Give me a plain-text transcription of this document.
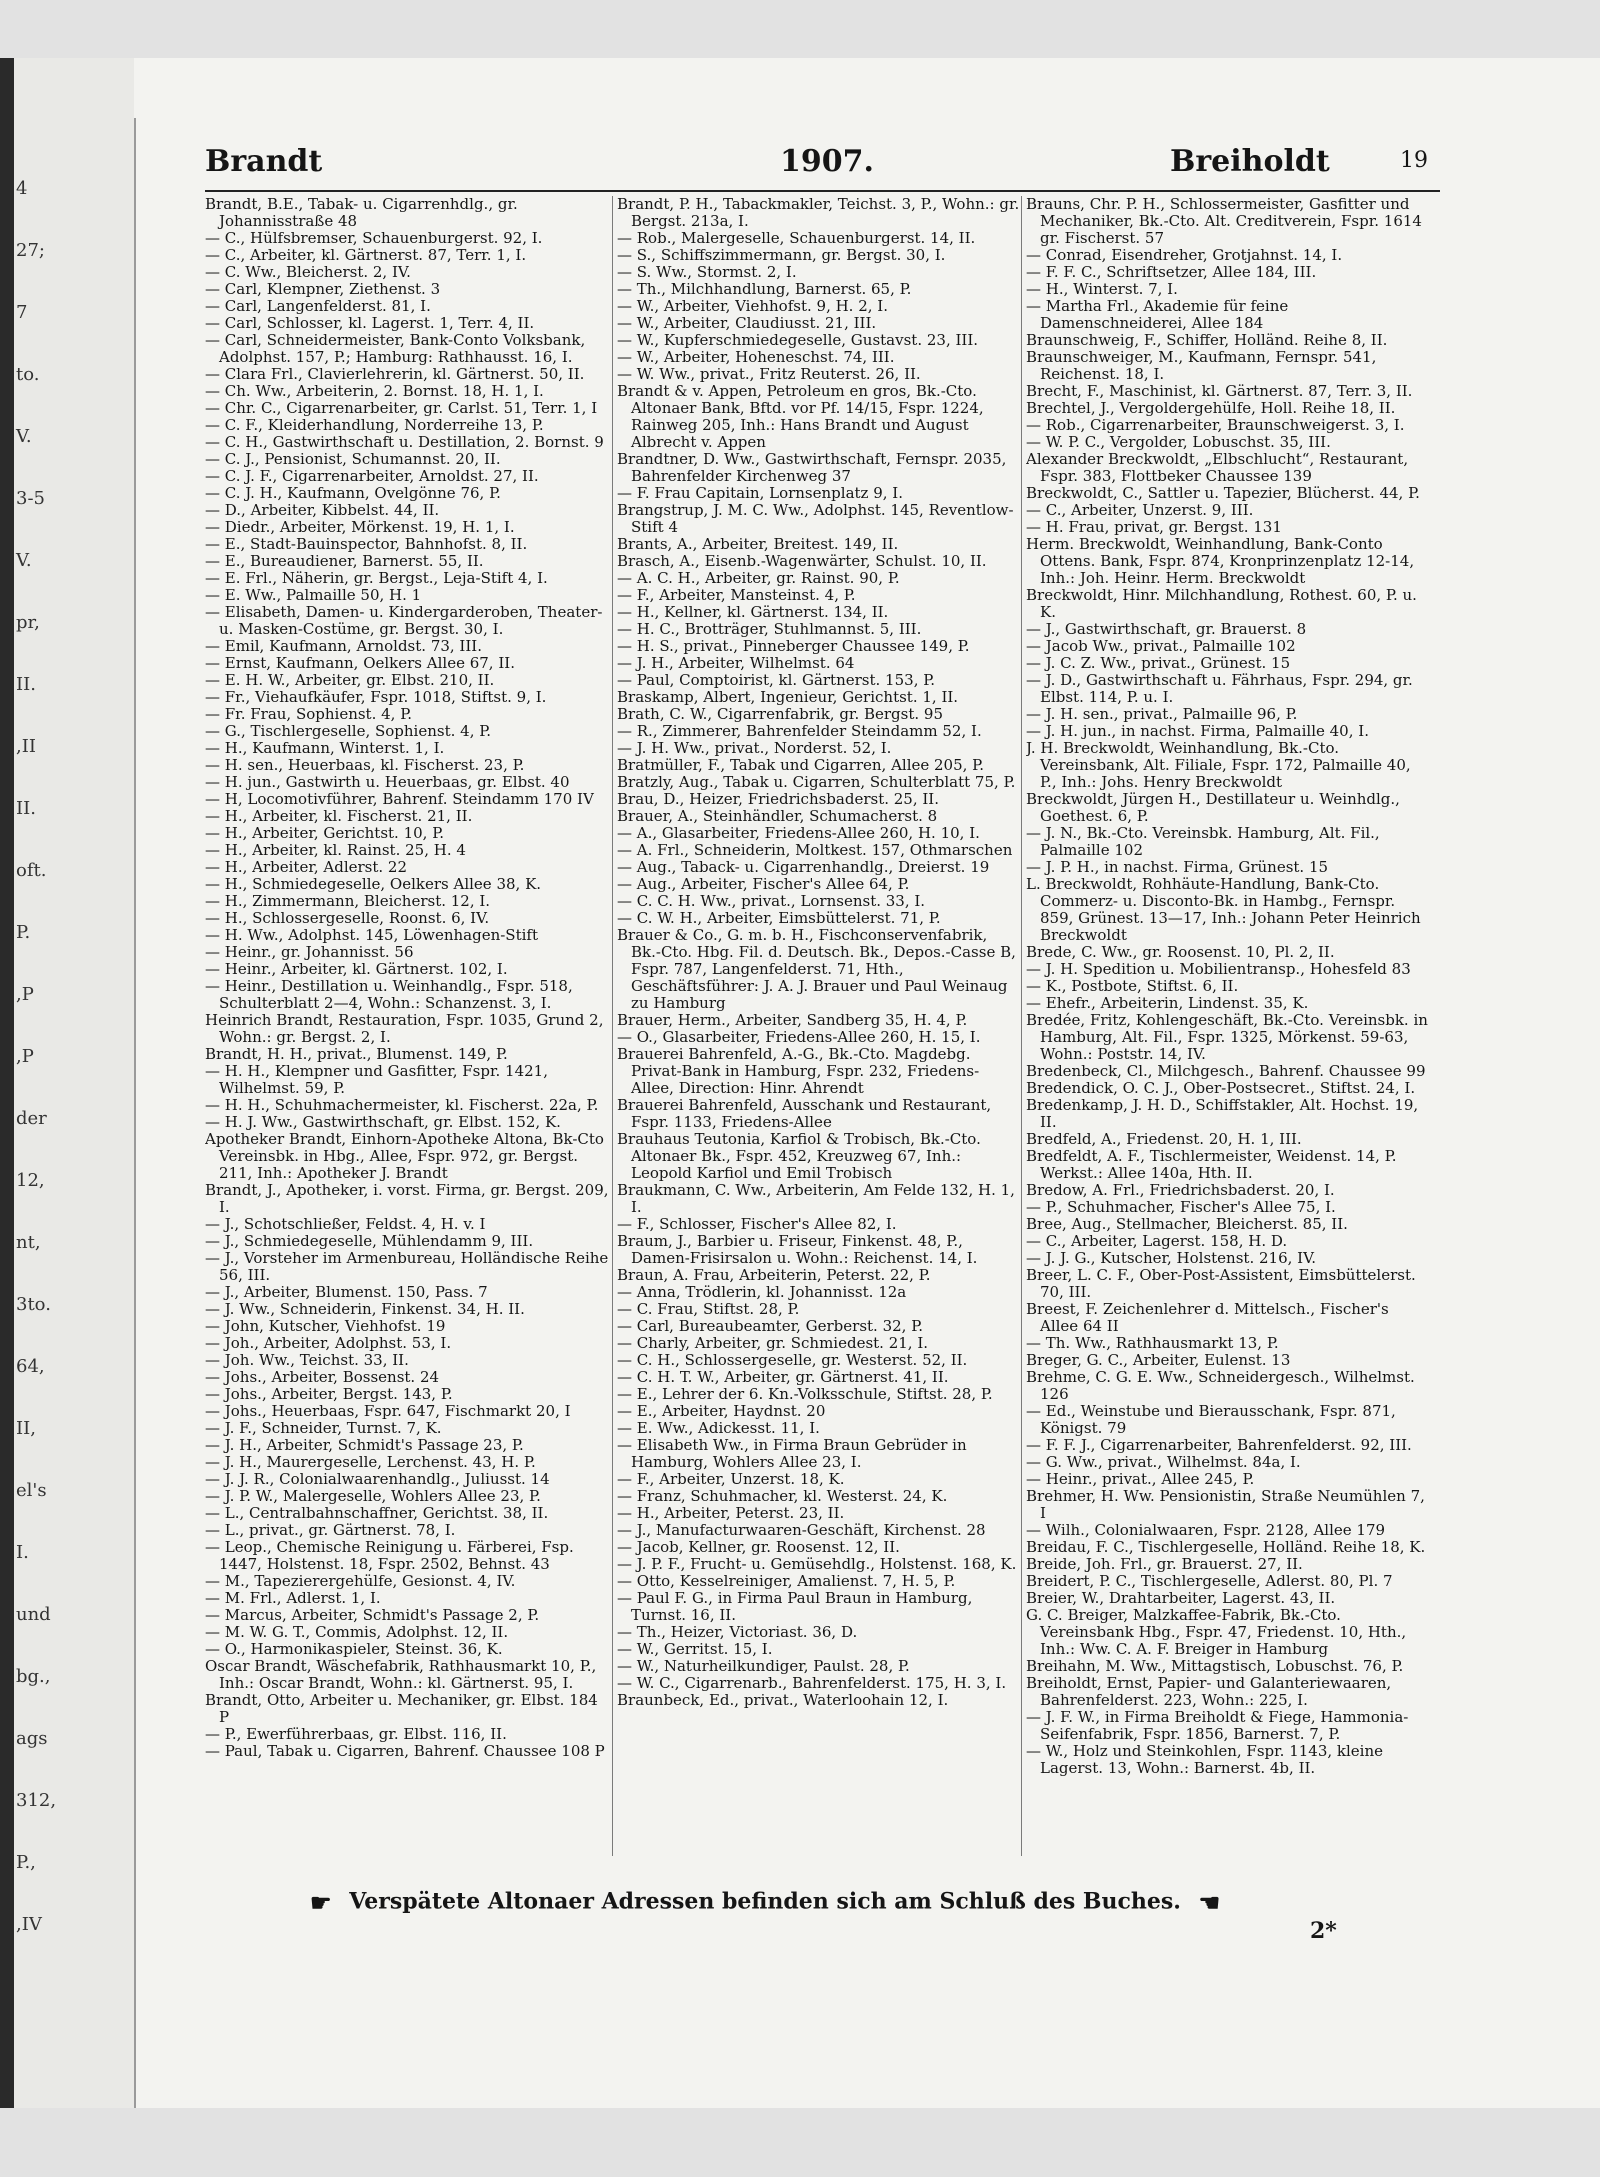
4
27;
7
to.
V.
3-5
V.
pr,
II.
,II
II.
oft.
P.
,P
,P
der
12,
nt,
3to.
64,
II,
el's
I.
und
bg.,
ags
312,
P.,
,IV
Brandt	1907.	Breiholdt	19

Brandt, B.E., Tabak- u. Cigarrenhdlg., gr. Johannisstraße 48

— C., Hülfsbremser, Schauenburgerst. 92, I.

— C., Arbeiter, kl. Gärtnerst. 87, Terr. 1, I.

— C. Ww., Bleicherst. 2, IV.

— Carl, Klempner, Ziethenst. 3

— Carl, Langenfelderst. 81, I.

— Carl, Schlosser, kl. Lagerst. 1, Terr. 4, II.

— Carl, Schneidermeister, Bank-Conto Volksbank, Adolphst. 157, P.; Hamburg: Rathhausst. 16, I.

— Clara Frl., Clavierlehrerin, kl. Gärtnerst. 50, II.

— Ch. Ww., Arbeiterin, 2. Bornst. 18, H. 1, I.

— Chr. C., Cigarrenarbeiter, gr. Carlst. 51, Terr. 1, I

— C. F., Kleiderhandlung, Norderreihe 13, P.

— C. H., Gastwirthschaft u. Destillation, 2. Bornst. 9

— C. J., Pensionist, Schumannst. 20, II.

— C. J. F., Cigarrenarbeiter, Arnoldst. 27, II.

— C. J. H., Kaufmann, Ovelgönne 76, P.

— D., Arbeiter, Kibbelst. 44, II.

— Diedr., Arbeiter, Mörkenst. 19, H. 1, I.

— E., Stadt-Bauinspector, Bahnhofst. 8, II.

— E., Bureaudiener, Barnerst. 55, II.

— E. Frl., Näherin, gr. Bergst., Leja-Stift 4, I.

— E. Ww., Palmaille 50, H. 1

— Elisabeth, Damen- u. Kindergarderoben, Theater- u. Masken-Costüme, gr. Bergst. 30, I.

— Emil, Kaufmann, Arnoldst. 73, III.

— Ernst, Kaufmann, Oelkers Allee 67, II.

— E. H. W., Arbeiter, gr. Elbst. 210, II.

— Fr., Viehaufkäufer, Fspr. 1018, Stiftst. 9, I.

— Fr. Frau, Sophienst. 4, P.

— G., Tischlergeselle, Sophienst. 4, P.

— H., Kaufmann, Winterst. 1, I.

— H. sen., Heuerbaas, kl. Fischerst. 23, P.

— H. jun., Gastwirth u. Heuerbaas, gr. Elbst. 40

— H, Locomotivführer, Bahrenf. Steindamm 170 IV

— H., Arbeiter, kl. Fischerst. 21, II.

— H., Arbeiter, Gerichtst. 10, P.

— H., Arbeiter, kl. Rainst. 25, H. 4

— H., Arbeiter, Adlerst. 22

— H., Schmiedegeselle, Oelkers Allee 38, K.

— H., Zimmermann, Bleicherst. 12, I.

— H., Schlossergeselle, Roonst. 6, IV.

— H. Ww., Adolphst. 145, Löwenhagen-Stift

— Heinr., gr. Johannisst. 56

— Heinr., Arbeiter, kl. Gärtnerst. 102, I.

— Heinr., Destillation u. Weinhandlg., Fspr. 518, Schulterblatt 2—4, Wohn.: Schanzenst. 3, I.

Heinrich Brandt, Restauration, Fspr. 1035, Grund 2, Wohn.: gr. Bergst. 2, I.

Brandt, H. H., privat., Blumenst. 149, P.

— H. H., Klempner und Gasfitter, Fspr. 1421, Wilhelmst. 59, P.

— H. H., Schuhmachermeister, kl. Fischerst. 22a, P.

— H. J. Ww., Gastwirthschaft, gr. Elbst. 152, K.

Apotheker Brandt, Einhorn-Apotheke Altona, Bk-Cto Vereinsbk. in Hbg., Allee, Fspr. 972, gr. Bergst. 211, Inh.: Apotheker J. Brandt

Brandt, J., Apotheker, i. vorst. Firma, gr. Bergst. 209, I.

— J., Schotschließer, Feldst. 4, H. v. I

— J., Schmiedegeselle, Mühlendamm 9, III.

— J., Vorsteher im Armenbureau, Holländische Reihe 56, III.

— J., Arbeiter, Blumenst. 150, Pass. 7

— J. Ww., Schneiderin, Finkenst. 34, H. II.

— John, Kutscher, Viehhofst. 19

— Joh., Arbeiter, Adolphst. 53, I.

— Joh. Ww., Teichst. 33, II.

— Johs., Arbeiter, Bossenst. 24

— Johs., Arbeiter, Bergst. 143, P.

— Johs., Heuerbaas, Fspr. 647, Fischmarkt 20, I

— J. F., Schneider, Turnst. 7, K.

— J. H., Arbeiter, Schmidt's Passage 23, P.

— J. H., Maurergeselle, Lerchenst. 43, H. P.

— J. J. R., Colonialwaarenhandlg., Juliusst. 14

— J. P. W., Malergeselle, Wohlers Allee 23, P.

— L., Centralbahnschaffner, Gerichtst. 38, II.

— L., privat., gr. Gärtnerst. 78, I.

— Leop., Chemische Reinigung u. Färberei, Fsp. 1447, Holstenst. 18, Fspr. 2502, Behnst. 43

— M., Tapezierergehülfe, Gesionst. 4, IV.

— M. Frl., Adlerst. 1, I.

— Marcus, Arbeiter, Schmidt's Passage 2, P.

— M. W. G. T., Commis, Adolphst. 12, II.

— O., Harmonikaspieler, Steinst. 36, K.

Oscar Brandt, Wäschefabrik, Rathhausmarkt 10, P., Inh.: Oscar Brandt, Wohn.: kl. Gärtnerst. 95, I.

Brandt, Otto, Arbeiter u. Mechaniker, gr. Elbst. 184 P

— P., Ewerführerbaas, gr. Elbst. 116, II.

— Paul, Tabak u. Cigarren, Bahrenf. Chaussee 108 P

Brandt, P. H., Tabackmakler, Teichst. 3, P., Wohn.: gr. Bergst. 213a, I.

— Rob., Malergeselle, Schauenburgerst. 14, II.

— S., Schiffszimmermann, gr. Bergst. 30, I.

— S. Ww., Stormst. 2, I.

— Th., Milchhandlung, Barnerst. 65, P.

— W., Arbeiter, Viehhofst. 9, H. 2, I.

— W., Arbeiter, Claudiusst. 21, III.

— W., Kupferschmiedegeselle, Gustavst. 23, III.

— W., Arbeiter, Hoheneschst. 74, III.

— W. Ww., privat., Fritz Reuterst. 26, II.

Brandt & v. Appen, Petroleum en gros, Bk.-Cto. Altonaer Bank, Bftd. vor Pf. 14/15, Fspr. 1224, Rainweg 205, Inh.: Hans Brandt und August Albrecht v. Appen

Brandtner, D. Ww., Gastwirthschaft, Fernspr. 2035, Bahrenfelder Kirchenweg 37

— F. Frau Capitain, Lornsenplatz 9, I.

Brangstrup, J. M. C. Ww., Adolphst. 145, Reventlow-Stift 4

Brants, A., Arbeiter, Breitest. 149, II.

Brasch, A., Eisenb.-Wagenwärter, Schulst. 10, II.

— A. C. H., Arbeiter, gr. Rainst. 90, P.

— F., Arbeiter, Mansteinst. 4, P.

— H., Kellner, kl. Gärtnerst. 134, II.

— H. C., Brotträger, Stuhlmannst. 5, III.

— H. S., privat., Pinneberger Chaussee 149, P.

— J. H., Arbeiter, Wilhelmst. 64

— Paul, Comptoirist, kl. Gärtnerst. 153, P.

Braskamp, Albert, Ingenieur, Gerichtst. 1, II.

Brath, C. W., Cigarrenfabrik, gr. Bergst. 95

— R., Zimmerer, Bahrenfelder Steindamm 52, I.

— J. H. Ww., privat., Norderst. 52, I.

Bratmüller, F., Tabak und Cigarren, Allee 205, P.

Bratzly, Aug., Tabak u. Cigarren, Schulterblatt 75, P.

Brau, D., Heizer, Friedrichsbaderst. 25, II.

Brauer, A., Steinhändler, Schumacherst. 8

— A., Glasarbeiter, Friedens-Allee 260, H. 10, I.

— A. Frl., Schneiderin, Moltkest. 157, Othmarschen

— Aug., Taback- u. Cigarrenhandlg., Dreierst. 19

— Aug., Arbeiter, Fischer's Allee 64, P.

— C. C. H. Ww., privat., Lornsenst. 33, I.

— C. W. H., Arbeiter, Eimsbüttelerst. 71, P.

Brauer & Co., G. m. b. H., Fischconservenfabrik, Bk.-Cto. Hbg. Fil. d. Deutsch. Bk., Depos.-Casse B, Fspr. 787, Langenfelderst. 71, Hth., Geschäftsführer: J. A. J. Brauer und Paul Weinaug zu Hamburg

Brauer, Herm., Arbeiter, Sandberg 35, H. 4, P.

— O., Glasarbeiter, Friedens-Allee 260, H. 15, I.

Brauerei Bahrenfeld, A.-G., Bk.-Cto. Magdebg. Privat-Bank in Hamburg, Fspr. 232, Friedens-Allee, Direction: Hinr. Ahrendt

Brauerei Bahrenfeld, Ausschank und Restaurant, Fspr. 1133, Friedens-Allee

Brauhaus Teutonia, Karfiol & Trobisch, Bk.-Cto. Altonaer Bk., Fspr. 452, Kreuzweg 67, Inh.: Leopold Karfiol und Emil Trobisch

Braukmann, C. Ww., Arbeiterin, Am Felde 132, H. 1, I.

— F., Schlosser, Fischer's Allee 82, I.

Braum, J., Barbier u. Friseur, Finkenst. 48, P., Damen-Frisirsalon u. Wohn.: Reichenst. 14, I.

Braun, A. Frau, Arbeiterin, Peterst. 22, P.

— Anna, Trödlerin, kl. Johannisst. 12a

— C. Frau, Stiftst. 28, P.

— Carl, Bureaubeamter, Gerberst. 32, P.

— Charly, Arbeiter, gr. Schmiedest. 21, I.

— C. H., Schlossergeselle, gr. Westerst. 52, II.

— C. H. T. W., Arbeiter, gr. Gärtnerst. 41, II.

— E., Lehrer der 6. Kn.-Volksschule, Stiftst. 28, P.

— E., Arbeiter, Haydnst. 20

— E. Ww., Adickesst. 11, I.

— Elisabeth Ww., in Firma Braun Gebrüder in Hamburg, Wohlers Allee 23, I.

— F., Arbeiter, Unzerst. 18, K.

— Franz, Schuhmacher, kl. Westerst. 24, K.

— H., Arbeiter, Peterst. 23, II.

— J., Manufacturwaaren-Geschäft, Kirchenst. 28

— Jacob, Kellner, gr. Roosenst. 12, II.

— J. P. F., Frucht- u. Gemüsehdlg., Holstenst. 168, K.

— Otto, Kesselreiniger, Amalienst. 7, H. 5, P.

— Paul F. G., in Firma Paul Braun in Hamburg, Turnst. 16, II.

— Th., Heizer, Victoriast. 36, D.

— W., Gerritst. 15, I.

— W., Naturheilkundiger, Paulst. 28, P.

— W. C., Cigarrenarb., Bahrenfelderst. 175, H. 3, I.

Braunbeck, Ed., privat., Waterloohain 12, I.

Brauns, Chr. P. H., Schlossermeister, Gasfitter und Mechaniker, Bk.-Cto. Alt. Creditverein, Fspr. 1614 gr. Fischerst. 57

— Conrad, Eisendreher, Grotjahnst. 14, I.

— F. F. C., Schriftsetzer, Allee 184, III.

— H., Winterst. 7, I.

— Martha Frl., Akademie für feine Damenschneiderei, Allee 184

Braunschweig, F., Schiffer, Holländ. Reihe 8, II.

Braunschweiger, M., Kaufmann, Fernspr. 541, Reichenst. 18, I.

Brecht, F., Maschinist, kl. Gärtnerst. 87, Terr. 3, II.

Brechtel, J., Vergoldergehülfe, Holl. Reihe 18, II.

— Rob., Cigarrenarbeiter, Braunschweigerst. 3, I.

— W. P. C., Vergolder, Lobuschst. 35, III.

Alexander Breckwoldt, „Elbschlucht“, Restaurant, Fspr. 383, Flottbeker Chaussee 139

Breckwoldt, C., Sattler u. Tapezier, Blücherst. 44, P.

— C., Arbeiter, Unzerst. 9, III.

— H. Frau, privat, gr. Bergst. 131

Herm. Breckwoldt, Weinhandlung, Bank-Conto Ottens. Bank, Fspr. 874, Kronprinzenplatz 12-14, Inh.: Joh. Heinr. Herm. Breckwoldt

Breckwoldt, Hinr. Milchhandlung, Rothest. 60, P. u. K.

— J., Gastwirthschaft, gr. Brauerst. 8

— Jacob Ww., privat., Palmaille 102

— J. C. Z. Ww., privat., Grünest. 15

— J. D., Gastwirthschaft u. Fährhaus, Fspr. 294, gr. Elbst. 114, P. u. I.

— J. H. sen., privat., Palmaille 96, P.

— J. H. jun., in nachst. Firma, Palmaille 40, I.

J. H. Breckwoldt, Weinhandlung, Bk.-Cto. Vereinsbank, Alt. Filiale, Fspr. 172, Palmaille 40, P., Inh.: Johs. Henry Breckwoldt

Breckwoldt, Jürgen H., Destillateur u. Weinhdlg., Goethest. 6, P.

— J. N., Bk.-Cto. Vereinsbk. Hamburg, Alt. Fil., Palmaille 102

— J. P. H., in nachst. Firma, Grünest. 15

L. Breckwoldt, Rohhäute-Handlung, Bank-Cto. Commerz- u. Disconto-Bk. in Hambg., Fernspr. 859, Grünest. 13—17, Inh.: Johann Peter Heinrich Breckwoldt

Brede, C. Ww., gr. Roosenst. 10, Pl. 2, II.

— J. H. Spedition u. Mobilientransp., Hohesfeld 83

— K., Postbote, Stiftst. 6, II.

— Ehefr., Arbeiterin, Lindenst. 35, K.

Bredée, Fritz, Kohlengeschäft, Bk.-Cto. Vereinsbk. in Hamburg, Alt. Fil., Fspr. 1325, Mörkenst. 59-63, Wohn.: Poststr. 14, IV.

Bredenbeck, Cl., Milchgesch., Bahrenf. Chaussee 99

Bredendick, O. C. J., Ober-Postsecret., Stiftst. 24, I.

Bredenkamp, J. H. D., Schiffstakler, Alt. Hochst. 19, II.

Bredfeld, A., Friedenst. 20, H. 1, III.

Bredfeldt, A. F., Tischlermeister, Weidenst. 14, P. Werkst.: Allee 140a, Hth. II.

Bredow, A. Frl., Friedrichsbaderst. 20, I.

— P., Schuhmacher, Fischer's Allee 75, I.

Bree, Aug., Stellmacher, Bleicherst. 85, II.

— C., Arbeiter, Lagerst. 158, H. D.

— J. J. G., Kutscher, Holstenst. 216, IV.

Breer, L. C. F., Ober-Post-Assistent, Eimsbüttelerst. 70, III.

Breest, F. Zeichenlehrer d. Mittelsch., Fischer's Allee 64 II

— Th. Ww., Rathhausmarkt 13, P.

Breger, G. C., Arbeiter, Eulenst. 13

Brehme, C. G. E. Ww., Schneidergesch., Wilhelmst. 126

— Ed., Weinstube und Bierausschank, Fspr. 871, Königst. 79

— F. F. J., Cigarrenarbeiter, Bahrenfelderst. 92, III.

— G. Ww., privat., Wilhelmst. 84a, I.

— Heinr., privat., Allee 245, P.

Brehmer, H. Ww. Pensionistin, Straße Neumühlen 7, I

— Wilh., Colonialwaaren, Fspr. 2128, Allee 179

Breidau, F. C., Tischlergeselle, Holländ. Reihe 18, K.

Breide, Joh. Frl., gr. Brauerst. 27, II.

Breidert, P. C., Tischlergeselle, Adlerst. 80, Pl. 7

Breier, W., Drahtarbeiter, Lagerst. 43, II.

G. C. Breiger, Malzkaffee-Fabrik, Bk.-Cto. Vereinsbank Hbg., Fspr. 47, Friedenst. 10, Hth., Inh.: Ww. C. A. F. Breiger in Hamburg

Breihahn, M. Ww., Mittagstisch, Lobuschst. 76, P.

Breiholdt, Ernst, Papier- und Galanteriewaaren, Bahrenfelderst. 223, Wohn.: 225, I.

— J. F. W., in Firma Breiholdt & Fiege, Hammonia-Seifenfabrik, Fspr. 1856, Barnerst. 7, P.

— W., Holz und Steinkohlen, Fspr. 1143, kleine Lagerst. 13, Wohn.: Barnerst. 4b, II.

☛ Verspätete Altonaer Adressen befinden sich am Schluß des Buches. ☚
2*
